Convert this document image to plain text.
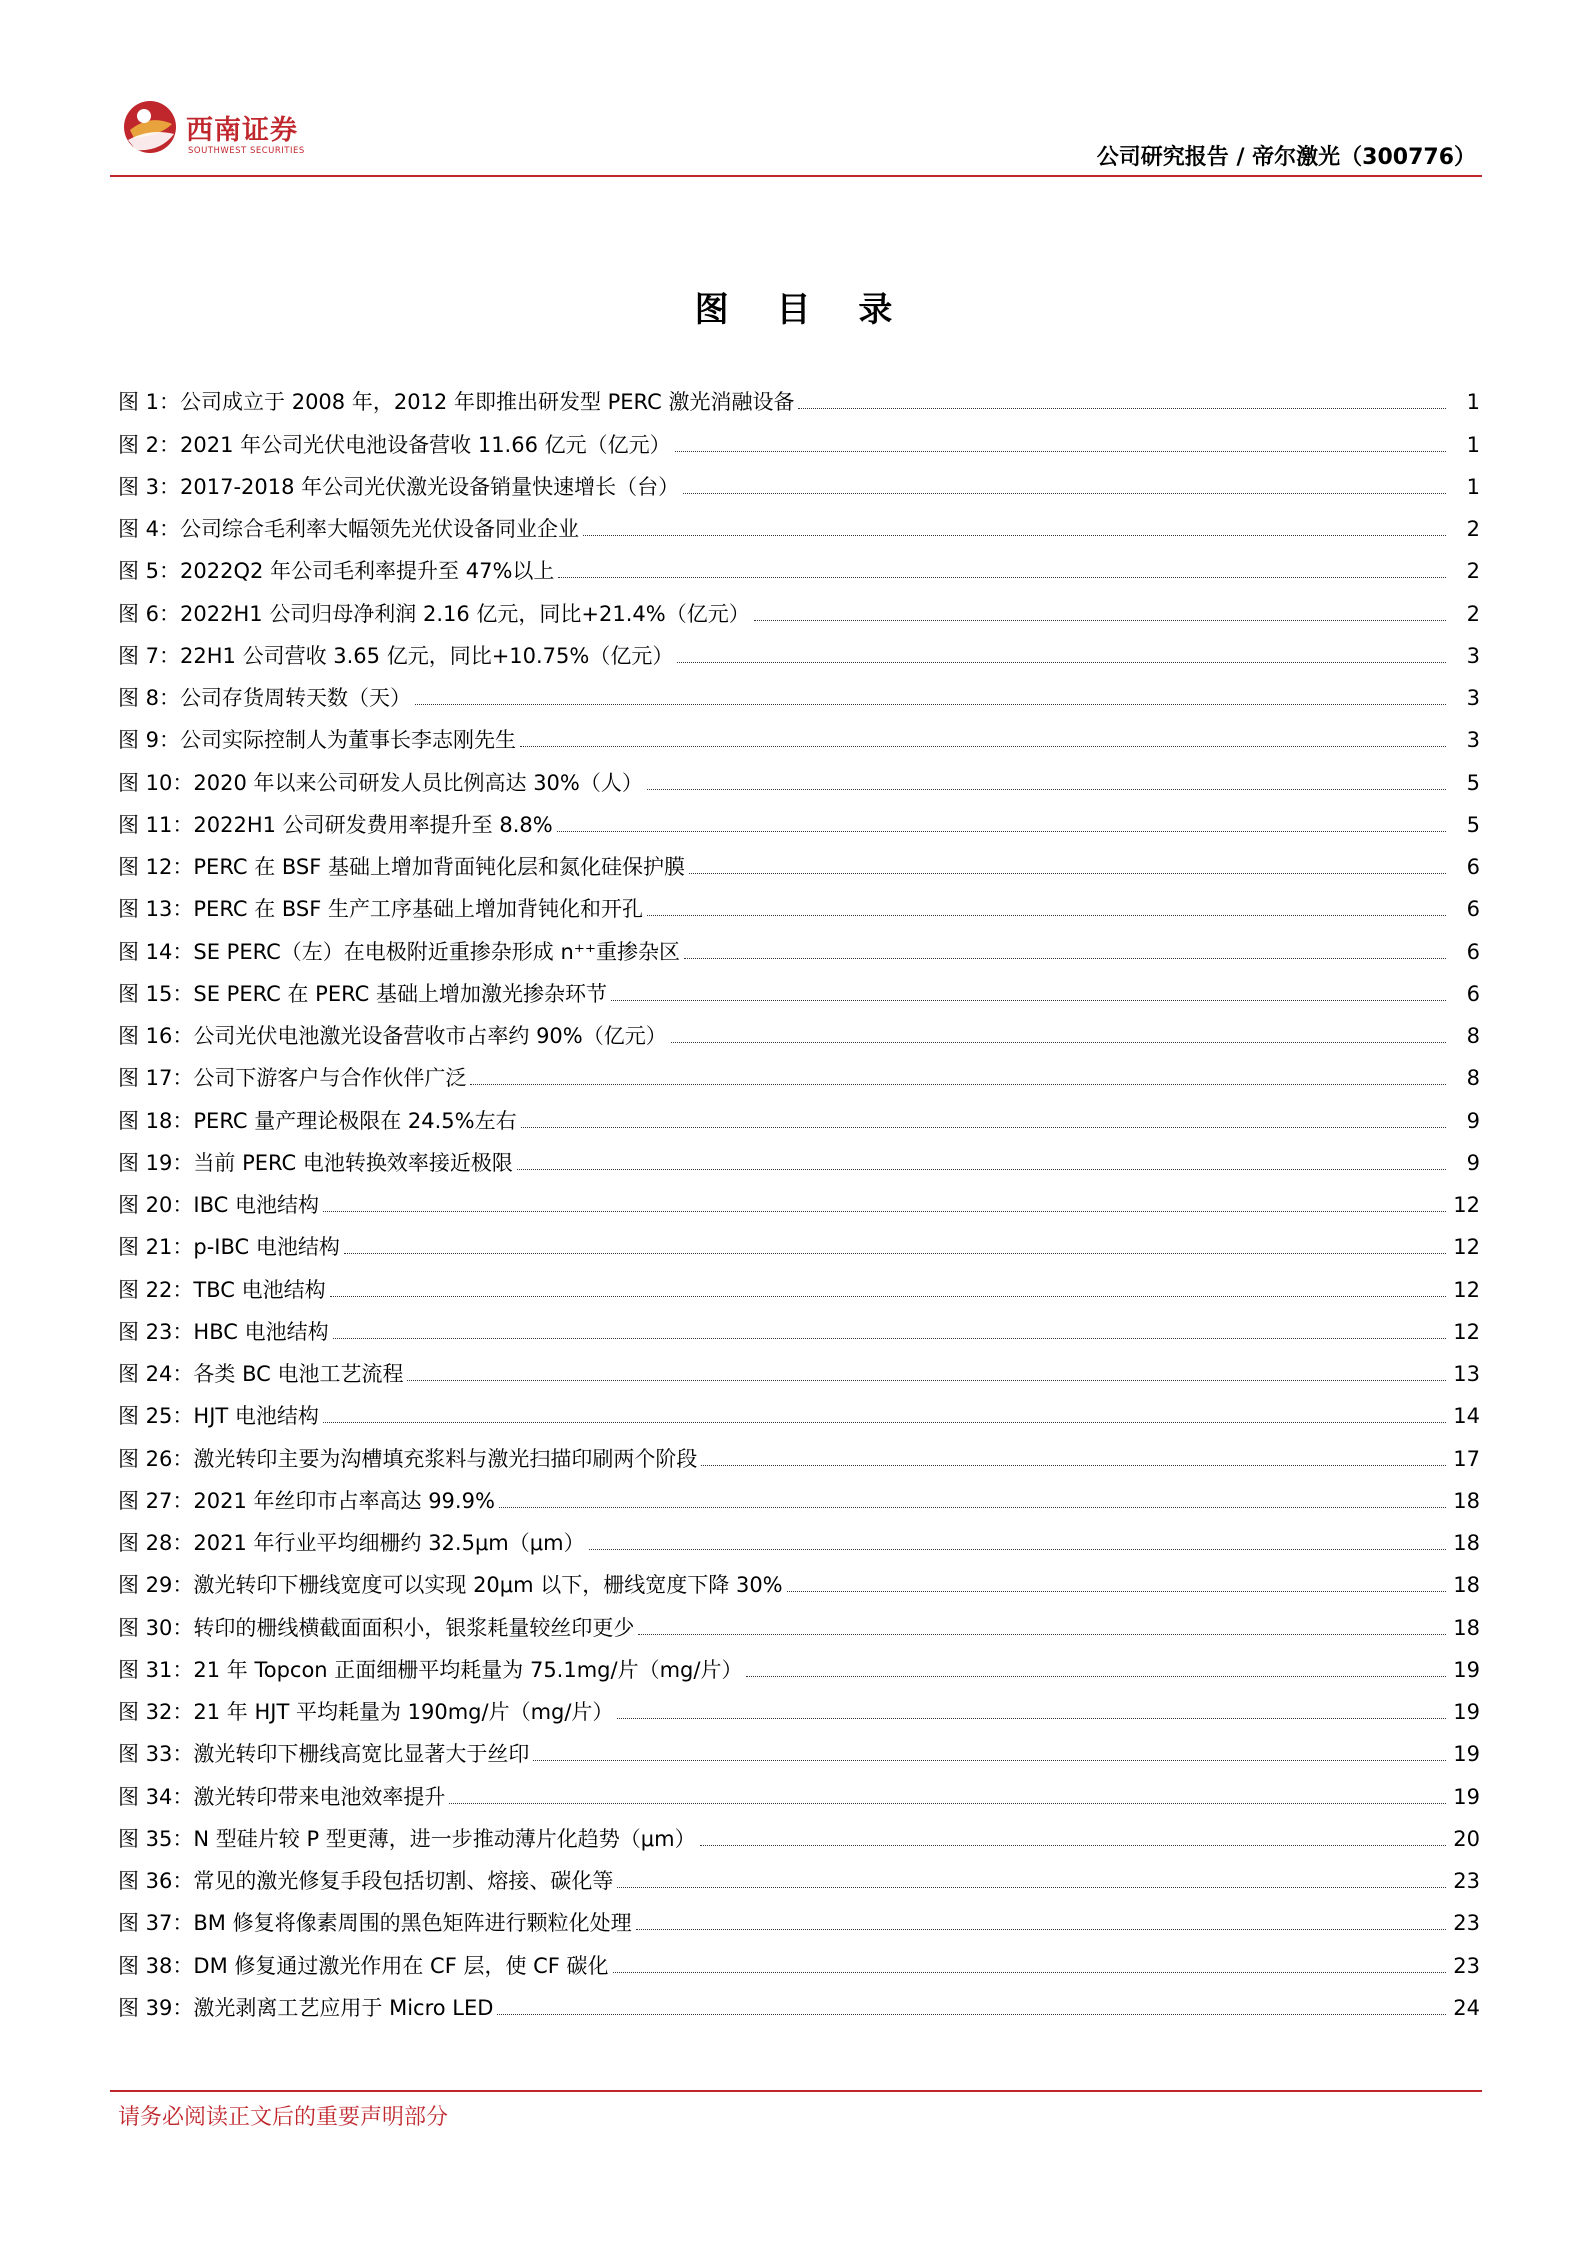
西南证券
SOUTHWEST SECURITIES	公司研究报告 / 帝尔激光（300776）
图 目 录
图 1：公司成立于 2008 年，2012 年即推出研发型 PERC 激光消融设备	1
图 2：2021 年公司光伏电池设备营收 11.66 亿元（亿元）	1
图 3：2017-2018 年公司光伏激光设备销量快速增长（台）	1
图 4：公司综合毛利率大幅领先光伏设备同业企业	2
图 5：2022Q2 年公司毛利率提升至 47%以上	2
图 6：2022H1 公司归母净利润 2.16 亿元，同比+21.4%（亿元）	2
图 7：22H1 公司营收 3.65 亿元，同比+10.75%（亿元）	3
图 8：公司存货周转天数（天）	3
图 9：公司实际控制人为董事长李志刚先生	3
图 10：2020 年以来公司研发人员比例高达 30%（人）	5
图 11：2022H1 公司研发费用率提升至 8.8%	5
图 12：PERC 在 BSF 基础上增加背面钝化层和氮化硅保护膜	6
图 13：PERC 在 BSF 生产工序基础上增加背钝化和开孔	6
图 14：SE PERC（左）在电极附近重掺杂形成 n⁺⁺重掺杂区	6
图 15：SE PERC 在 PERC 基础上增加激光掺杂环节	6
图 16：公司光伏电池激光设备营收市占率约 90%（亿元）	8
图 17：公司下游客户与合作伙伴广泛	8
图 18：PERC 量产理论极限在 24.5%左右	9
图 19：当前 PERC 电池转换效率接近极限	9
图 20：IBC 电池结构	12
图 21：p-IBC 电池结构	12
图 22：TBC 电池结构	12
图 23：HBC 电池结构	12
图 24：各类 BC 电池工艺流程	13
图 25：HJT 电池结构	14
图 26：激光转印主要为沟槽填充浆料与激光扫描印刷两个阶段	17
图 27：2021 年丝印市占率高达 99.9%	18
图 28：2021 年行业平均细栅约 32.5μm（μm）	18
图 29：激光转印下栅线宽度可以实现 20μm 以下，栅线宽度下降 30%	18
图 30：转印的栅线横截面面积小，银浆耗量较丝印更少	18
图 31：21 年 Topcon 正面细栅平均耗量为 75.1mg/片（mg/片）	19
图 32：21 年 HJT 平均耗量为 190mg/片（mg/片）	19
图 33：激光转印下栅线高宽比显著大于丝印	19
图 34：激光转印带来电池效率提升	19
图 35：N 型硅片较 P 型更薄，进一步推动薄片化趋势（μm）	20
图 36：常见的激光修复手段包括切割、熔接、碳化等	23
图 37：BM 修复将像素周围的黑色矩阵进行颗粒化处理	23
图 38：DM 修复通过激光作用在 CF 层，使 CF 碳化	23
图 39：激光剥离工艺应用于 Micro LED	24
请务必阅读正文后的重要声明部分
